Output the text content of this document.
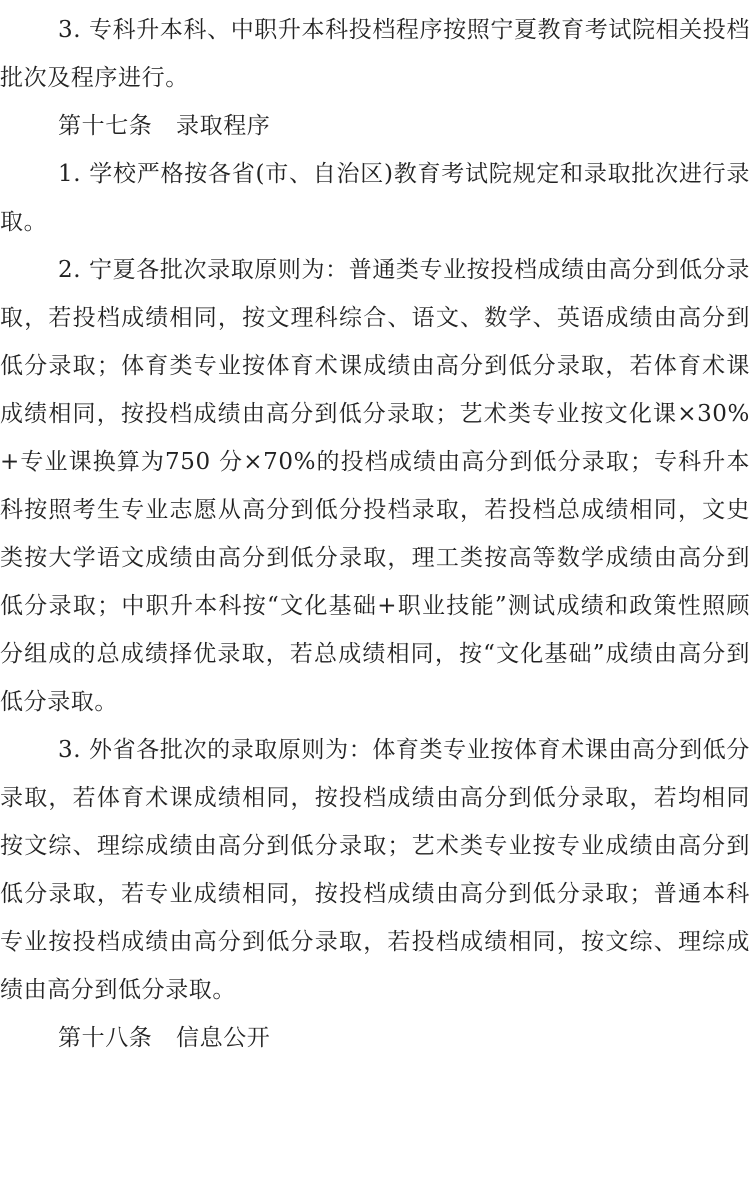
3. 专科升本科、中职升本科投档程序按照宁夏教育考试院相关投档批次及程序进行。

第十七条　录取程序

1. 学校严格按各省(市、自治区)教育考试院规定和录取批次进行录取。

2. 宁夏各批次录取原则为：普通类专业按投档成绩由高分到低分录取，若投档成绩相同，按文理科综合、语文、数学、英语成绩由高分到低分录取；体育类专业按体育术课成绩由高分到低分录取，若体育术课成绩相同，按投档成绩由高分到低分录取；艺术类专业按文化课×30%+专业课换算为750 分×70%的投档成绩由高分到低分录取；专科升本科按照考生专业志愿从高分到低分投档录取，若投档总成绩相同，文史类按大学语文成绩由高分到低分录取，理工类按高等数学成绩由高分到低分录取；中职升本科按“文化基础+职业技能”测试成绩和政策性照顾分组成的总成绩择优录取，若总成绩相同，按“文化基础”成绩由高分到低分录取。

3. 外省各批次的录取原则为：体育类专业按体育术课由高分到低分录取，若体育术课成绩相同，按投档成绩由高分到低分录取，若均相同按文综、理综成绩由高分到低分录取；艺术类专业按专业成绩由高分到低分录取，若专业成绩相同，按投档成绩由高分到低分录取；普通本科专业按投档成绩由高分到低分录取，若投档成绩相同，按文综、理综成绩由高分到低分录取。

第十八条　信息公开
